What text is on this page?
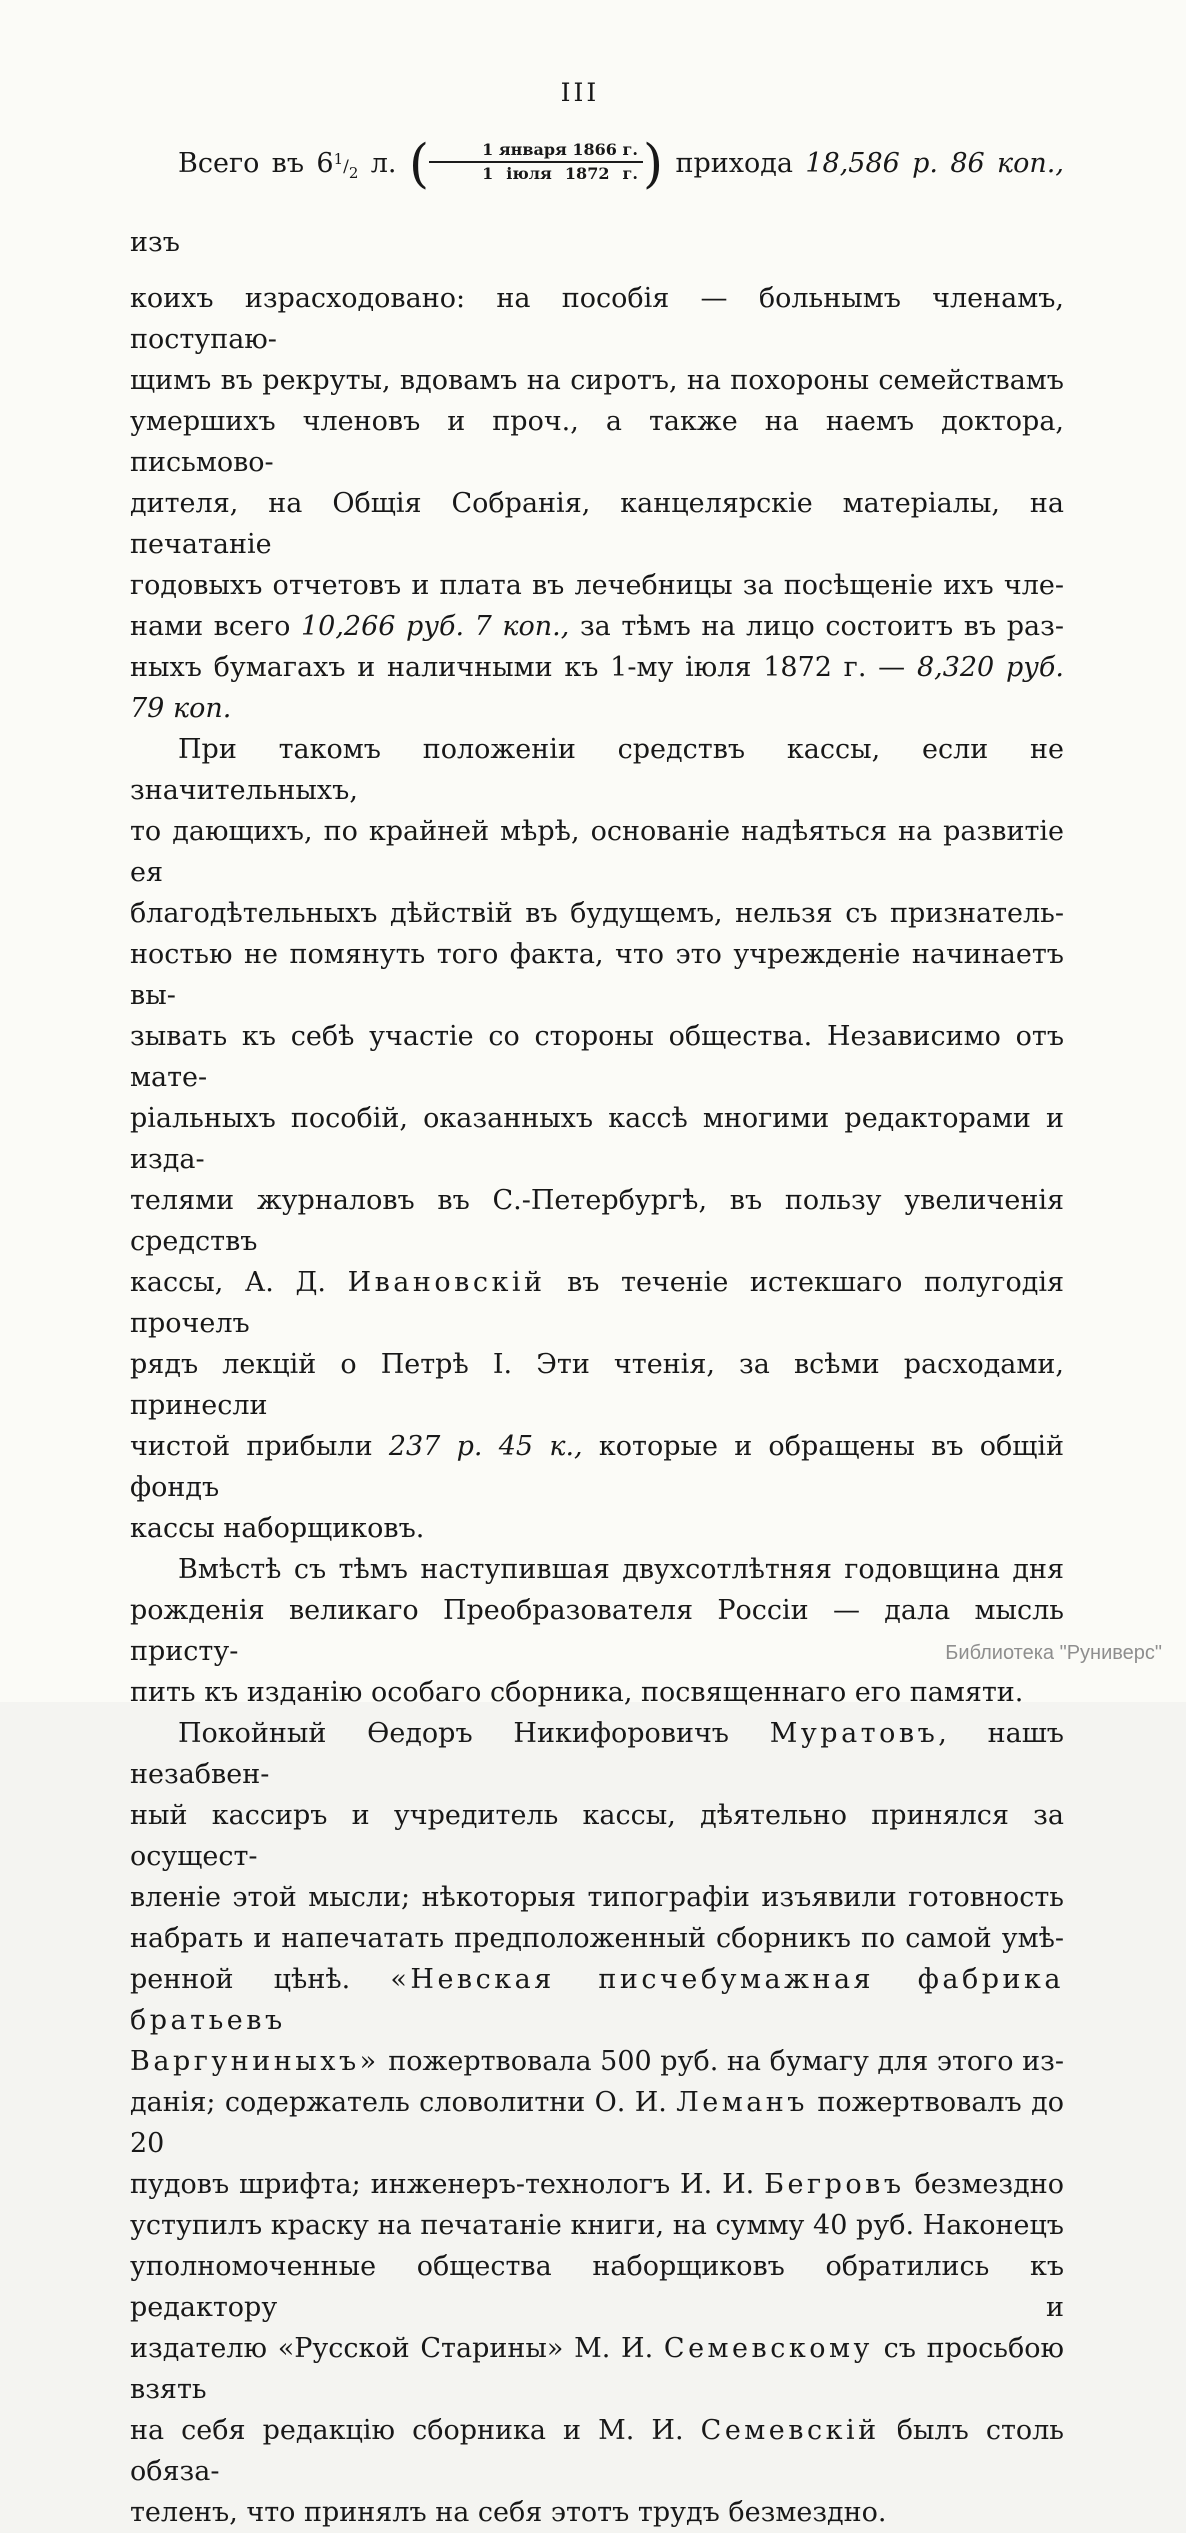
III
Всего въ $6^1/_2$ л. (	1 января 1866 г.
1 іюля 1872 г. ) прихода 18,586 р. 86 коп., изъ
коихъ израсходовано: на пособія — больнымъ членамъ, поступаю-
щимъ въ рекруты, вдовамъ на сиротъ, на похороны семействамъ
умершихъ членовъ и проч., а также на наемъ доктора, письмово-
дителя, на Общія Собранія, канцелярскіе матеріалы, на печатаніе
годовыхъ отчетовъ и плата въ лечебницы за посѣщеніе ихъ чле-
нами всего 10,266 руб. 7 коп., за тѣмъ на лицо состоитъ въ раз-
ныхъ бумагахъ и наличными къ 1-му іюля 1872 г. — 8,320 руб.
79 коп.
При такомъ положеніи средствъ кассы, если не значительныхъ,
то дающихъ, по крайней мѣрѣ, основаніе надѣяться на развитіе ея
благодѣтельныхъ дѣйствій въ будущемъ, нельзя съ признатель-
ностью не помянуть того факта, что это учрежденіе начинаетъ вы-
зывать къ себѣ участіе со стороны общества. Независимо отъ мате-
ріальныхъ пособій, оказанныхъ кассѣ многими редакторами и изда-
телями журналовъ въ С.-Петербургѣ, въ пользу увеличенія средствъ
кассы, А. Д. Ивановскій въ теченіе истекшаго полугодія прочелъ
рядъ лекцій о Петрѣ I. Эти чтенія, за всѣми расходами, принесли
чистой прибыли 237 р. 45 к., которые и обращены въ общій фондъ
кассы наборщиковъ.
Вмѣстѣ съ тѣмъ наступившая двухсотлѣтняя годовщина дня
рожденія великаго Преобразователя Россіи — дала мысль присту-
пить къ изданію особаго сборника, посвященнаго его памяти.
Покойный Ѳедоръ Никифоровичъ Муратовъ, нашъ незабвен-
ный кассиръ и учредитель кассы, дѣятельно принялся за осущест-
вленіе этой мысли; нѣкоторыя типографіи изъявили готовность
набрать и напечатать предположенный сборникъ по самой умѣ-
ренной цѣнѣ. «Невская писчебумажная фабрика братьевъ
Варгуниныхъ» пожертвовала 500 руб. на бумагу для этого из-
данія; содержатель словолитни О. И. Леманъ пожертвовалъ до 20
пудовъ шрифта; инженеръ-технологъ И. И. Бегровъ безмездно
уступилъ краску на печатаніе книги, на сумму 40 руб. Наконецъ
уполномоченные общества наборщиковъ обратились къ редактору и
издателю «Русской Старины» М. И. Семевскому съ просьбою взять
на себя редакцію сборника и М. И. Семевскій былъ столь обяза-
теленъ, что принялъ на себя этотъ трудъ безмездно.
Библиотека "Руниверс"
